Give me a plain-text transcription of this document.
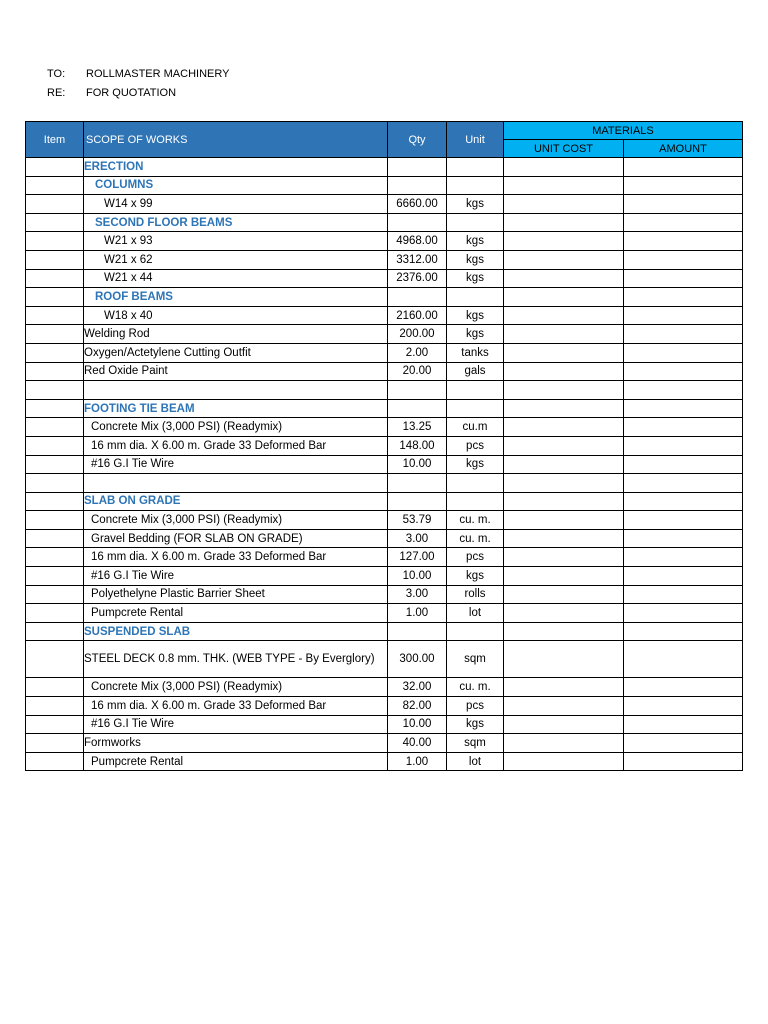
TO: ROLLMASTER MACHINERY
RE: FOR QUOTATION
Item	SCOPE OF WORKS	Qty	Unit	MATERIALS	
				UNIT COST	AMOUNT
	ERECTION				
	COLUMNS				
	W14 x 99	6660.00	kgs		
	SECOND FLOOR BEAMS				
	W21 x 93	4968.00	kgs		
	W21 x 62	3312.00	kgs		
	W21 x 44	2376.00	kgs		
	ROOF BEAMS				
	W18 x 40	2160.00	kgs		
	Welding Rod	200.00	kgs		
	Oxygen/Actetylene Cutting Outfit	2.00	tanks		
	Red Oxide Paint	20.00	gals		

	FOOTING TIE BEAM				
	Concrete Mix (3,000 PSI) (Readymix)	13.25	cu.m		
	16 mm dia. X 6.00 m. Grade 33 Deformed Bar	148.00	pcs		
	#16 G.I Tie Wire	10.00	kgs		

	SLAB ON GRADE				
	Concrete Mix (3,000 PSI) (Readymix)	53.79	cu. m.		
	Gravel Bedding (FOR SLAB ON GRADE)	3.00	cu. m.		
	16 mm dia. X 6.00 m. Grade 33 Deformed Bar	127.00	pcs		
	#16 G.I Tie Wire	10.00	kgs		
	Polyethelyne Plastic Barrier Sheet	3.00	rolls		
	Pumpcrete Rental	1.00	lot		
	SUSPENDED SLAB				
	STEEL DECK 0.8 mm. THK. (WEB TYPE - By Everglory)	300.00	sqm		
	Concrete Mix (3,000 PSI) (Readymix)	32.00	cu. m.		
	16 mm dia. X 6.00 m. Grade 33 Deformed Bar	82.00	pcs		
	#16 G.I Tie Wire	10.00	kgs		
	Formworks	40.00	sqm		
	Pumpcrete Rental	1.00	lot		
